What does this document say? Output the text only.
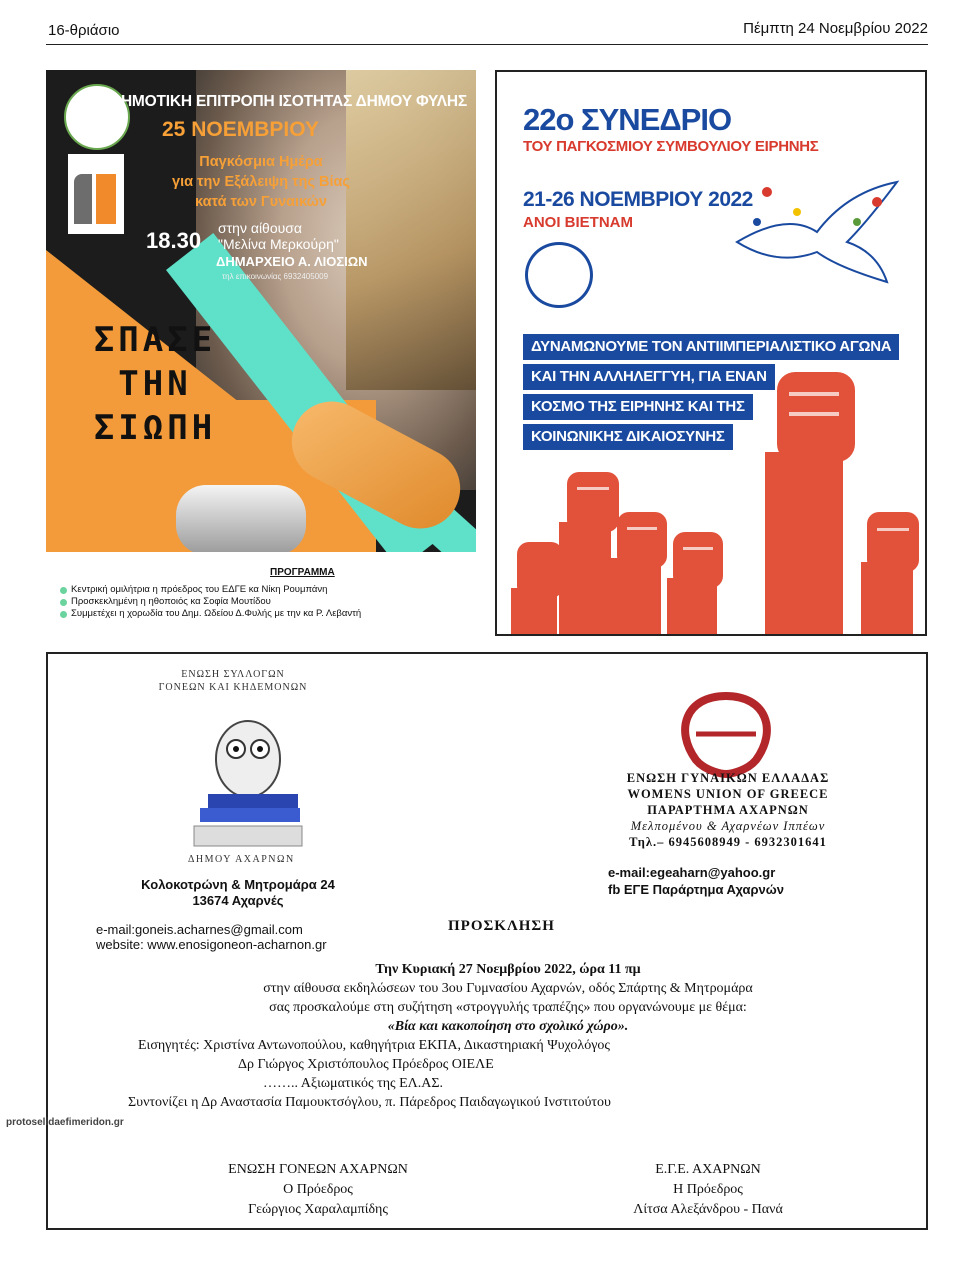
16-θριάσιο	Πέμπτη 24 Νοεμβρίου 2022
ΔΗΜΟΤΙΚΗ ΕΠΙΤΡΟΠΗ ΙΣΟΤΗΤΑΣ ΔΗΜΟΥ ΦΥΛΗΣ
25 ΝΟΕΜΒΡΙΟΥ
Παγκόσμια Ημέρα
για την Εξάλειψη της Βίας
κατά των Γυναικών
18.30 στην αίθουσα
"Μελίνα Μερκούρη"
ΔΗΜΑΡΧΕΙΟ Α. ΛΙΟΣΙΩΝ
τηλ επικοινωνίας 6932405009
ΣΠΑΣΕ
ΤΗΝ
ΣΙΩΠΗ
ΠΡΟΓΡΑΜΜΑ
Κεντρική ομιλήτρια η πρόεδρος του ΕΔΓΕ κα Νίκη Ρουμπάνη
Προσκεκλημένη η ηθοποιός κα Σοφία Μουτίδου
Συμμετέχει η χορωδία του Δημ. Ωδείου Δ.Φυλής με την κα Ρ. Λεβαντή
22ο ΣΥΝΕΔΡΙΟ
ΤΟΥ ΠΑΓΚΟΣΜΙΟΥ ΣΥΜΒΟΥΛΙΟΥ ΕΙΡΗΝΗΣ
21-26 ΝΟΕΜΒΡΙΟΥ 2022
ΑΝΟΙ ΒΙΕΤΝΑΜ
ΔΥΝΑΜΩΝΟΥΜΕ ΤΟΝ ΑΝΤΙΙΜΠΕΡΙΑΛΙΣΤΙΚΟ ΑΓΩΝΑ
ΚΑΙ ΤΗΝ ΑΛΛΗΛΕΓΓΥΗ, ΓΙΑ ΕΝΑΝ
ΚΟΣΜΟ ΤΗΣ ΕΙΡΗΝΗΣ ΚΑΙ ΤΗΣ
ΚΟΙΝΩΝΙΚΗΣ ΔΙΚΑΙΟΣΥΝΗΣ
ΕΝΩΣΗ ΣΥΛΛΟΓΩΝ
ΓΟΝΕΩΝ ΚΑΙ ΚΗΔΕΜΟΝΩΝ
ΔΗΜΟΥ ΑΧΑΡΝΩΝ
Κολοκοτρώνη & Μητρομάρα 24
13674 Αχαρνές
e-mail:goneis.acharnes@gmail.com
website: www.enosigoneon-acharnon.gr
ΕΝΩΣΗ ΓΥΝΑΙΚΩΝ ΕΛΛΑΔΑΣ
WOMENS UNION OF GREECE
ΠΑΡΑΡΤΗΜΑ ΑΧΑΡΝΩΝ
Μελπομένου & Αχαρνέων Ιππέων
Τηλ.– 6945608949 - 6932301641
e-mail:egeaharn@yahoo.gr
fb ΕΓΕ Παράρτημα Αχαρνών
ΠΡΟΣΚΛΗΣΗ
Την Κυριακή 27 Νοεμβρίου 2022, ώρα 11 πμ
στην αίθουσα εκδηλώσεων του 3ου Γυμνασίου Αχαρνών, οδός Σπάρτης & Μητρομάρα
σας προσκαλούμε στη συζήτηση «στρογγυλής τραπέζης» που οργανώνουμε με θέμα:
«Βία και κακοποίηση στο σχολικό χώρο».
Εισηγητές: Χριστίνα Αντωνοπούλου, καθηγήτρια ΕΚΠΑ, Δικαστηριακή Ψυχολόγος
Δρ Γιώργος Χριστόπουλος Πρόεδρος ΟΙΕΛΕ
…….. Αξιωματικός της ΕΛ.ΑΣ.
Συντονίζει η Δρ Αναστασία Παμουκτσόγλου, π. Πάρεδρος Παιδαγωγικού Ινστιτούτου
ΕΝΩΣΗ ΓΟΝΕΩΝ ΑΧΑΡΝΩΝ
Ο Πρόεδρος
Γεώργιος Χαραλαμπίδης
Ε.Γ.Ε. ΑΧΑΡΝΩΝ
Η Πρόεδρος
Λίτσα Αλεξάνδρου - Πανά
protoselidaefimeridon.gr
